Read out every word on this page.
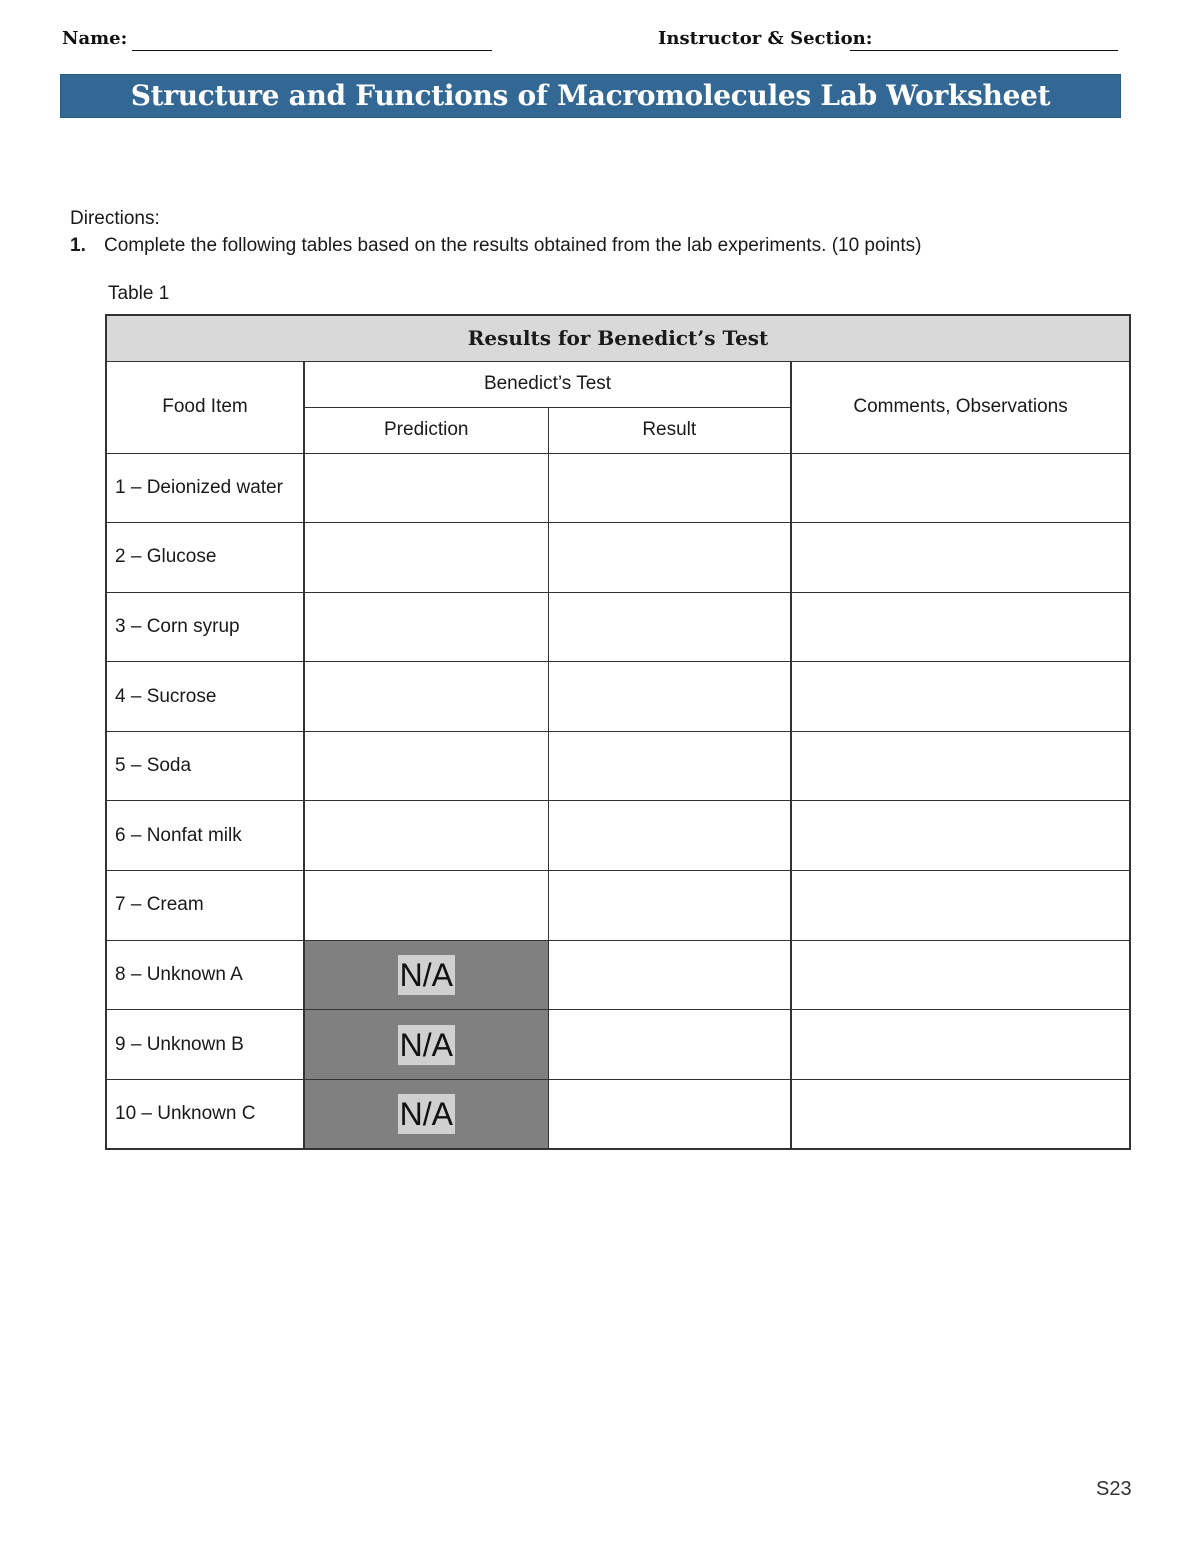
Name:	Instructor & Section:
Structure and Functions of Macromolecules Lab Worksheet
Directions:
1. Complete the following tables based on the results obtained from the lab experiments. (10 points)
Table 1
Results for Benedict’s Test			
Food Item	Benedict’s Test		Comments, Observations
	Prediction	Result	
1 – Deionized water			
2 – Glucose			
3 – Corn syrup			
4 – Sucrose			
5 – Soda			
6 – Nonfat milk			
7 – Cream			
8 – Unknown A	N/A		
9 – Unknown B	N/A		
10 – Unknown C	N/A		
S23
